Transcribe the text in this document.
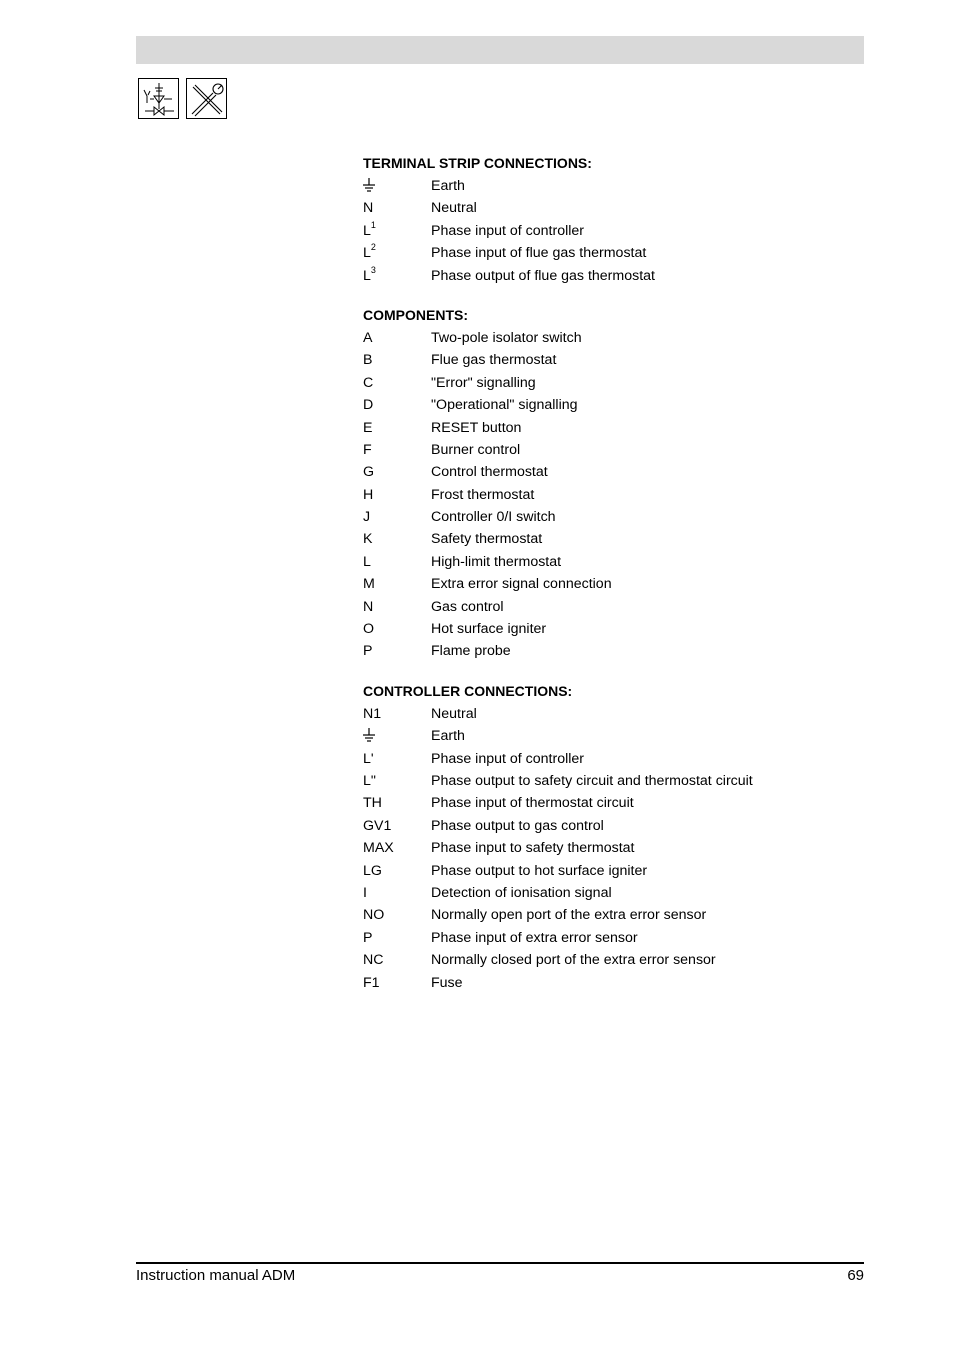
TERMINAL STRIP CONNECTIONS:
Earth
N	Neutral
$L^1$	Phase input of controller
$L^2$	Phase input of flue gas thermostat
$L^3$	Phase output of flue gas thermostat
COMPONENTS:
A	Two-pole isolator switch
B	Flue gas thermostat
C	"Error" signalling
D	"Operational" signalling
E	RESET button
F	Burner control
G	Control thermostat
H	Frost thermostat
J	Controller 0/I switch
K	Safety thermostat
L	High-limit thermostat
M	Extra error signal connection
N	Gas control
O	Hot surface igniter
P	Flame probe
CONTROLLER CONNECTIONS:
N1	Neutral
Earth
L'	Phase input of controller
L"	Phase output to safety circuit and thermostat circuit
TH	Phase input of thermostat circuit
GV1	Phase output to gas control
MAX	Phase input to safety thermostat
LG	Phase output to hot surface igniter
I	Detection of ionisation signal
NO	Normally open port of the extra error sensor
P	Phase input of extra error sensor
NC	Normally closed port of the extra error sensor
F1	Fuse
Instruction manual ADM	69
